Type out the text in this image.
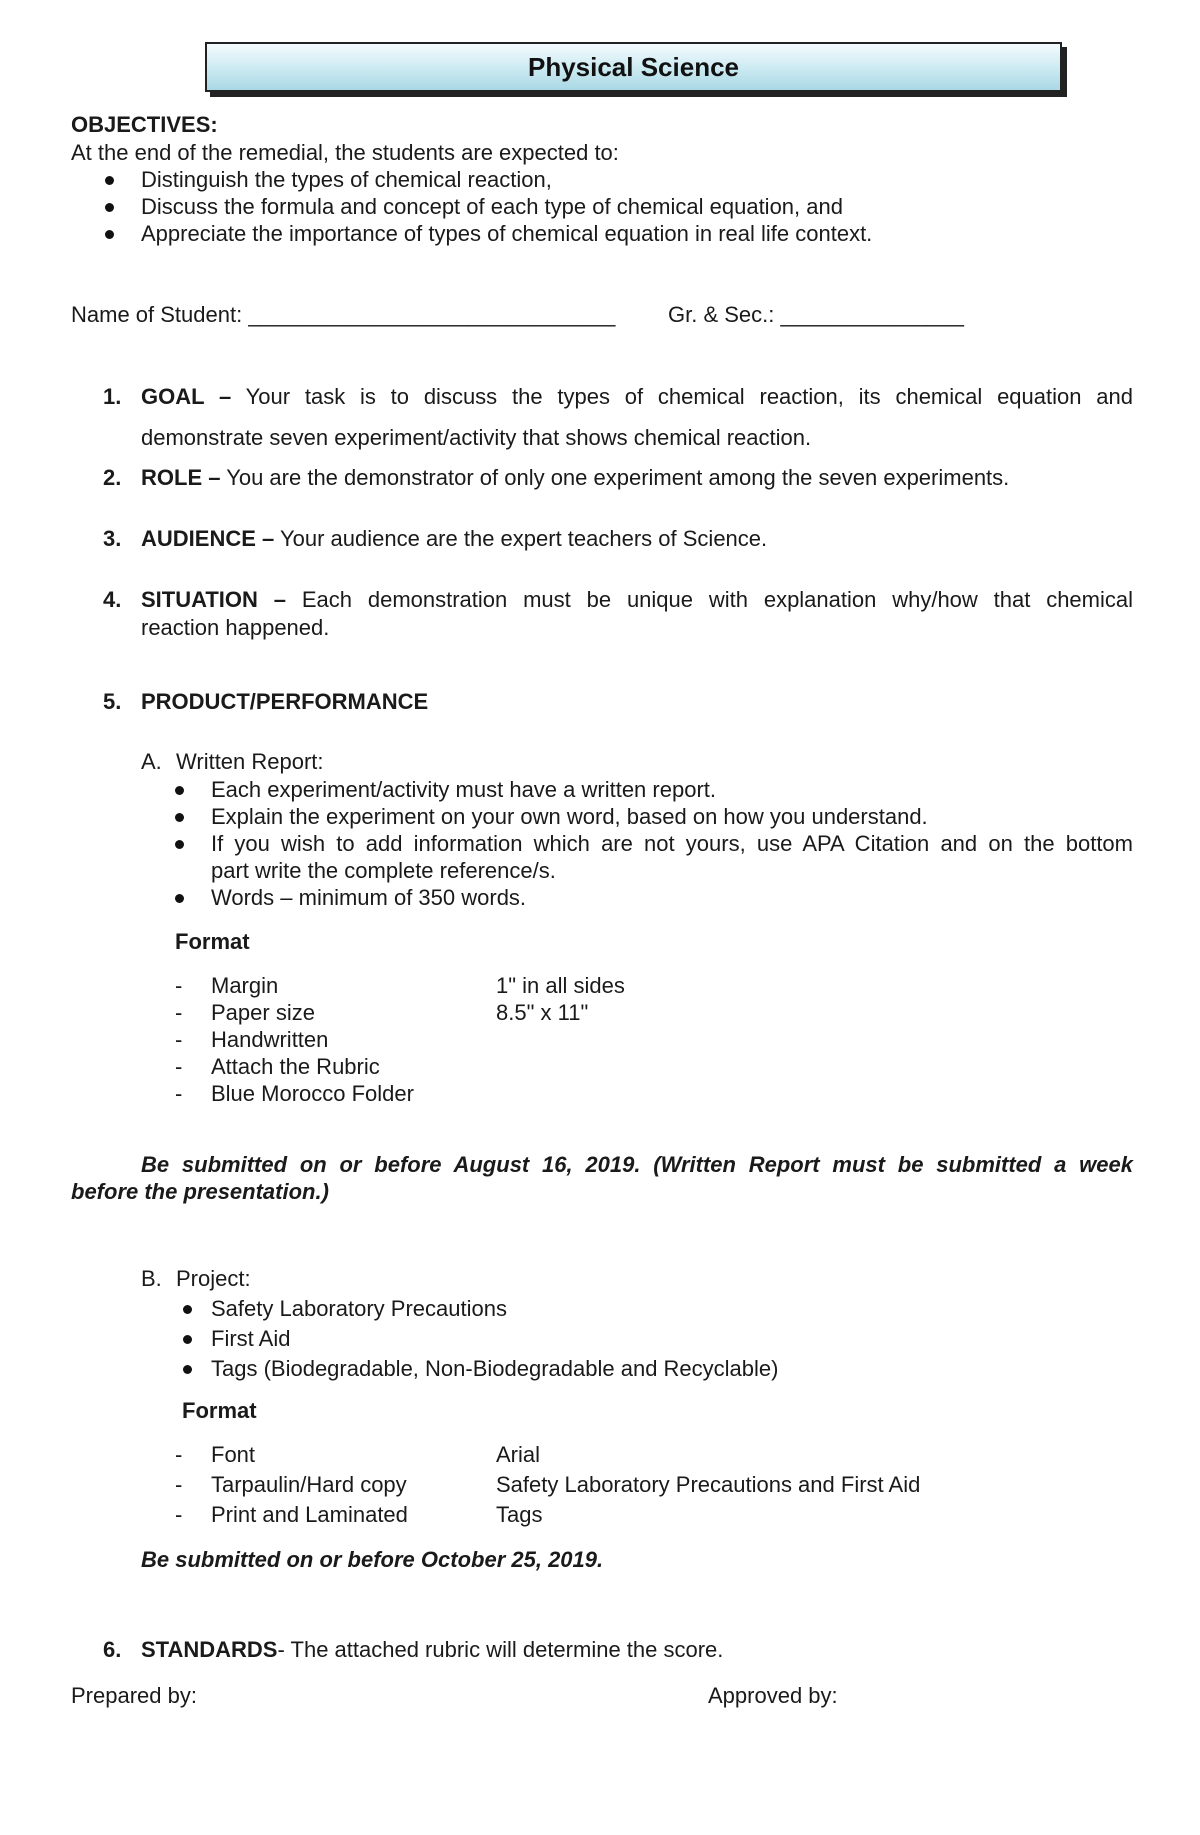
Physical Science
OBJECTIVES:
At the end of the remedial, the students are expected to:
Distinguish the types of chemical reaction,
Discuss the formula and concept of each type of chemical equation, and
Appreciate the importance of types of chemical equation in real life context.
Name of Student: ______________________________ Gr. & Sec.: _______________
1. GOAL – Your task is to discuss the types of chemical reaction, its chemical equation and
demonstrate seven experiment/activity that shows chemical reaction.
2. ROLE – You are the demonstrator of only one experiment among the seven experiments.
3. AUDIENCE – Your audience are the expert teachers of Science.
4. SITUATION – Each demonstration must be unique with explanation why/how that chemical
reaction happened.
5. PRODUCT/PERFORMANCE
A. Written Report:
Each experiment/activity must have a written report.
Explain the experiment on your own word, based on how you understand.
If you wish to add information which are not yours, use APA Citation and on the bottom
part write the complete reference/s.
Words – minimum of 350 words.
Format
- Margin	1" in all sides
- Paper size	8.5" x 11"
- Handwritten
- Attach the Rubric
- Blue Morocco Folder
Be submitted on or before August 16, 2019. (Written Report must be submitted a week
before the presentation.)
B. Project:
Safety Laboratory Precautions
First Aid
Tags (Biodegradable, Non-Biodegradable and Recyclable)
Format
- Font	Arial
- Tarpaulin/Hard copy	Safety Laboratory Precautions and First Aid
- Print and Laminated	Tags
Be submitted on or before October 25, 2019.
6. STANDARDS- The attached rubric will determine the score.
Prepared by:	Approved by:
